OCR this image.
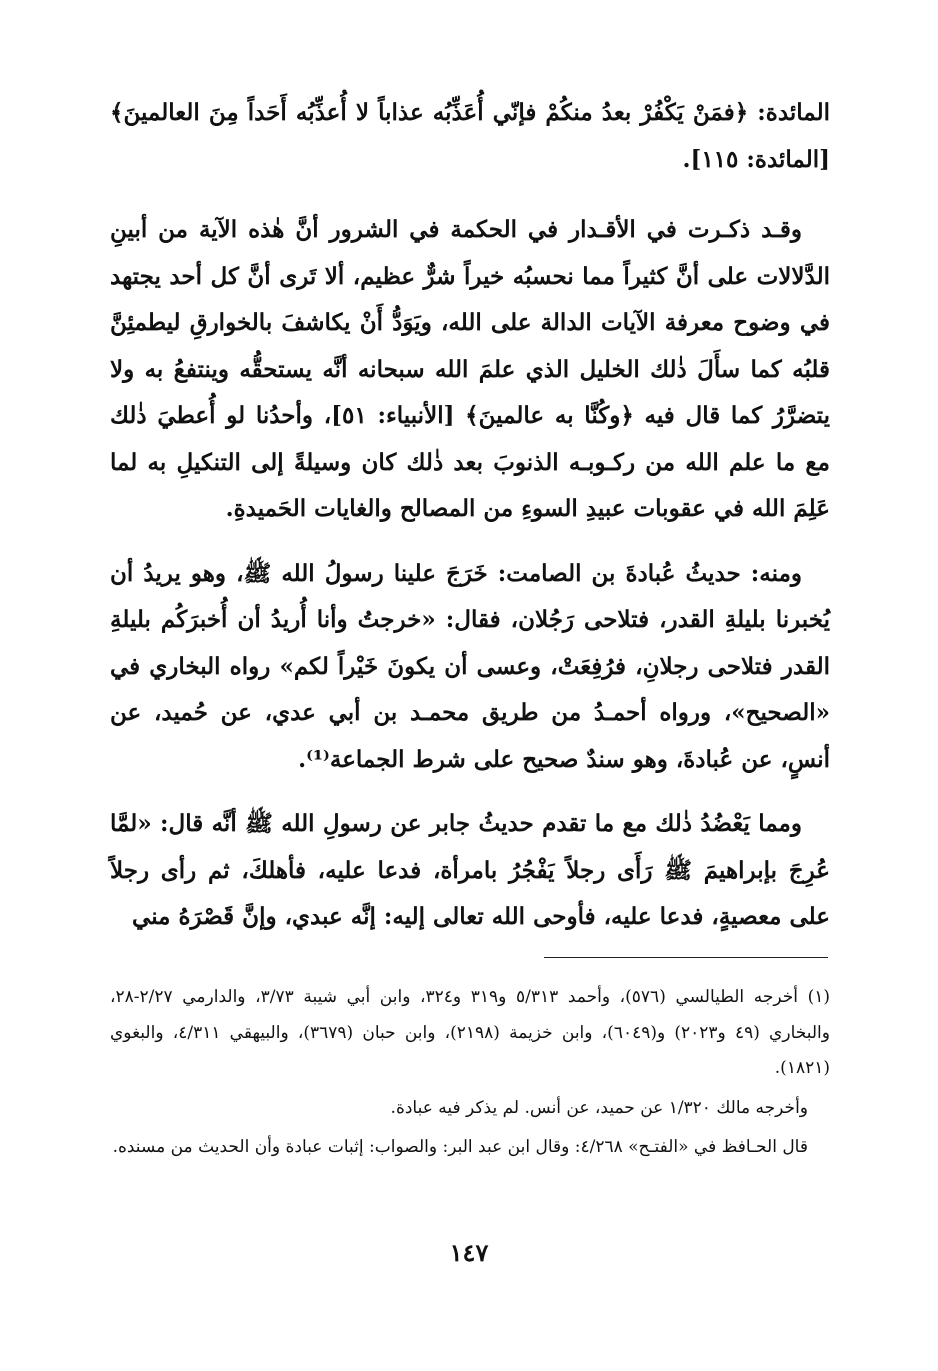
المائدة: ﴿فمَنْ يَكْفُرْ بعدُ منكُمْ فإنّي أُعَذِّبُه عذاباً لا أُعذِّبُه أَحَداً مِنَ العالمينَ﴾ [المائدة: ١١٥].

وقـد ذكـرت في الأقـدار في الحكمة في الشرور أنَّ هٰذه الآية من أبينِ الدَّلالات على أنَّ كثيراً مما نحسبُه خيراً شرٌّ عظيم، ألا تَرى أنَّ كل أحد يجتهد في وضوح معرفة الآيات الدالة على الله، ويَوَدُّ أَنْ يكاشفَ بالخوارقِ ليطمئِنَّ قلبُه كما سأَلَ ذٰلك الخليل الذي علمَ الله سبحانه أنَّه يستحقُّه وينتفعُ به ولا يتضرَّرُ كما قال فيه ﴿وكُنَّا به عالمينَ﴾ [الأنبياء: ٥١]، وأحدُنا لو أُعطيَ ذٰلك مع ما علم الله من ركـوبـه الذنوبَ بعد ذٰلك كان وسيلةً إلى التنكيلِ به لما عَلِمَ الله في عقوبات عبيدِ السوءِ من المصالح والغايات الحَميدةِ.

ومنه: حديثُ عُبادةَ بن الصامت: خَرَجَ علينا رسولُ الله ﷺ، وهو يريدُ أن يُخبرنا بليلةِ القدر، فتلاحى رَجُلان، فقال: «خرجتُ وأنا أُريدُ أن أُخبرَكُم بليلةِ القدر فتلاحى رجلانِ، فرُفِعَتْ، وعسى أن يكونَ خَيْراً لكم» رواه البخاري في «الصحيح»، ورواه أحمـدُ من طريق محمـد بن أبي عدي، عن حُميد، عن أنسٍ، عن عُبادةَ، وهو سندٌ صحيح على شرط الجماعة⁽¹⁾.

ومما يَعْضُدُ ذٰلك مع ما تقدم حديثُ جابر عن رسولِ الله ﷺ أنَّه قال: «لمَّا عُرِجَ بإبراهيمَ ﷺ رَأَى رجلاً يَفْجُرُ بامرأة، فدعا عليه، فأهلكَ، ثم رأى رجلاً على معصيةٍ، فدعا عليه، فأوحى الله تعالى إليه: إنَّه عبدي، وإنَّ قَصْرَهُ مني

(١) أخرجه الطيالسي (٥٧٦)، وأحمد ٥/٣١٣ و٣١٩ و٣٢٤، وابن أبي شيبة ٣/٧٣، والدارمي ٢/٢٧-٢٨، والبخاري (٤٩ و٢٠٢٣) و(٦٠٤٩)، وابن خزيمة (٢١٩٨)، وابن حبان (٣٦٧٩)، والبيهقي ٤/٣١١، والبغوي (١٨٢١).

وأخرجه مالك ١/٣٢٠ عن حميد، عن أنس. لم يذكر فيه عبادة.

قال الحـافظ في «الفتـح» ٤/٢٦٨: وقال ابن عبد البر: والصواب: إثبات عبادة وأن الحديث من مسنده.

١٤٧
